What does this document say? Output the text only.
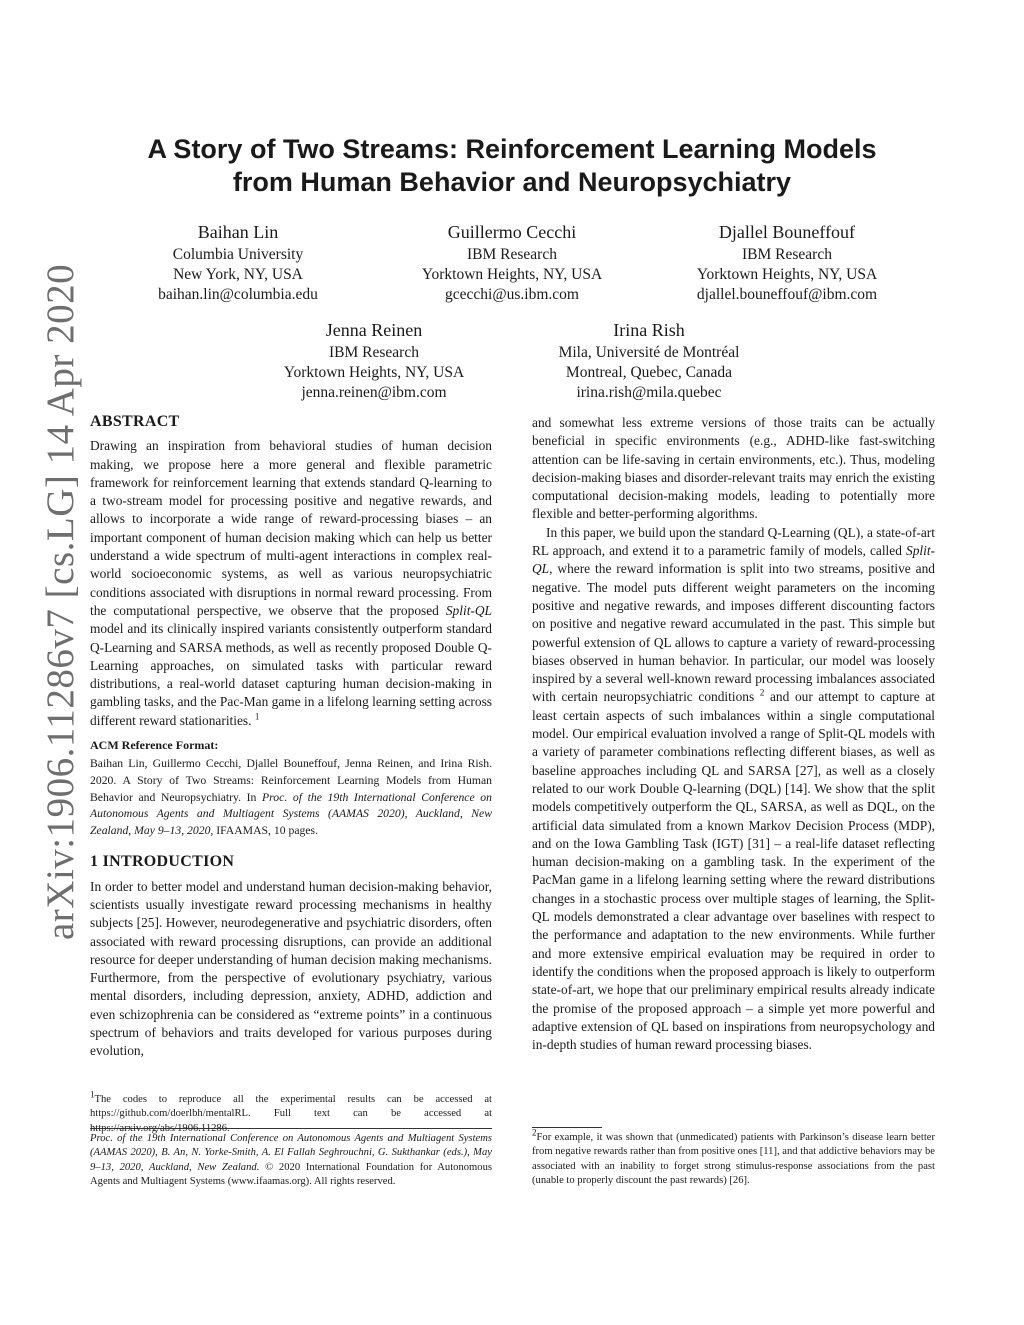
arXiv:1906.11286v7 [cs.LG] 14 Apr 2020
A Story of Two Streams: Reinforcement Learning Models
from Human Behavior and Neuropsychiatry
Baihan Lin
Columbia University
New York, NY, USA
baihan.lin@columbia.edu
Guillermo Cecchi
IBM Research
Yorktown Heights, NY, USA
gcecchi@us.ibm.com
Djallel Bouneffouf
IBM Research
Yorktown Heights, NY, USA
djallel.bouneffouf@ibm.com
Jenna Reinen
IBM Research
Yorktown Heights, NY, USA
jenna.reinen@ibm.com
Irina Rish
Mila, Université de Montréal
Montreal, Quebec, Canada
irina.rish@mila.quebec
ABSTRACT

Drawing an inspiration from behavioral studies of human decision making, we propose here a more general and flexible parametric framework for reinforcement learning that extends standard Q-learning to a two-stream model for processing positive and negative rewards, and allows to incorporate a wide range of reward-processing biases – an important component of human decision making which can help us better understand a wide spectrum of multi-agent interactions in complex real-world socioeconomic systems, as well as various neuropsychiatric conditions associated with disruptions in normal reward processing. From the computational perspective, we observe that the proposed Split-QL model and its clinically inspired variants consistently outperform standard Q-Learning and SARSA methods, as well as recently proposed Double Q-Learning approaches, on simulated tasks with particular reward distributions, a real-world dataset capturing human decision-making in gambling tasks, and the Pac-Man game in a lifelong learning setting across different reward stationarities. $^1$

ACM Reference Format:

Baihan Lin, Guillermo Cecchi, Djallel Bouneffouf, Jenna Reinen, and Irina Rish. 2020. A Story of Two Streams: Reinforcement Learning Models from Human Behavior and Neuropsychiatry. In Proc. of the 19th International Conference on Autonomous Agents and Multiagent Systems (AAMAS 2020), Auckland, New Zealand, May 9–13, 2020, IFAAMAS, 10 pages.

1 INTRODUCTION

In order to better model and understand human decision-making behavior, scientists usually investigate reward processing mechanisms in healthy subjects [25]. However, neurodegenerative and psychiatric disorders, often associated with reward processing disruptions, can provide an additional resource for deeper understanding of human decision making mechanisms. Furthermore, from the perspective of evolutionary psychiatry, various mental disorders, including depression, anxiety, ADHD, addiction and even schizophrenia can be considered as “extreme points” in a continuous spectrum of behaviors and traits developed for various purposes during evolution,

$^1$The codes to reproduce all the experimental results can be accessed at https://github.com/doerlbh/mentalRL. Full text can be accessed at https://arxiv.org/abs/1906.11286.
Proc. of the 19th International Conference on Autonomous Agents and Multiagent Systems (AAMAS 2020), B. An, N. Yorke-Smith, A. El Fallah Seghrouchni, G. Sukthankar (eds.), May 9–13, 2020, Auckland, New Zealand. © 2020 International Foundation for Autonomous Agents and Multiagent Systems (www.ifaamas.org). All rights reserved.

and somewhat less extreme versions of those traits can be actually beneficial in specific environments (e.g., ADHD-like fast-switching attention can be life-saving in certain environments, etc.). Thus, modeling decision-making biases and disorder-relevant traits may enrich the existing computational decision-making models, leading to potentially more flexible and better-performing algorithms.

In this paper, we build upon the standard Q-Learning (QL), a state-of-art RL approach, and extend it to a parametric family of models, called Split-QL, where the reward information is split into two streams, positive and negative. The model puts different weight parameters on the incoming positive and negative rewards, and imposes different discounting factors on positive and negative reward accumulated in the past. This simple but powerful extension of QL allows to capture a variety of reward-processing biases observed in human behavior. In particular, our model was loosely inspired by a several well-known reward processing imbalances associated with certain neuropsychiatric conditions $^2$ and our attempt to capture at least certain aspects of such imbalances within a single computational model. Our empirical evaluation involved a range of Split-QL models with a variety of parameter combinations reflecting different biases, as well as baseline approaches including QL and SARSA [27], as well as a closely related to our work Double Q-learning (DQL) [14]. We show that the split models competitively outperform the QL, SARSA, as well as DQL, on the artificial data simulated from a known Markov Decision Process (MDP), and on the Iowa Gambling Task (IGT) [31] – a real-life dataset reflecting human decision-making on a gambling task. In the experiment of the PacMan game in a lifelong learning setting where the reward distributions changes in a stochastic process over multiple stages of learning, the Split-QL models demonstrated a clear advantage over baselines with respect to the performance and adaptation to the new environments. While further and more extensive empirical evaluation may be required in order to identify the conditions when the proposed approach is likely to outperform state-of-art, we hope that our preliminary empirical results already indicate the promise of the proposed approach – a simple yet more powerful and adaptive extension of QL based on inspirations from neuropsychology and in-depth studies of human reward processing biases.

$^2$For example, it was shown that (unmedicated) patients with Parkinson’s disease learn better from negative rewards rather than from positive ones [11], and that addictive behaviors may be associated with an inability to forget strong stimulus-response associations from the past (unable to properly discount the past rewards) [26].
